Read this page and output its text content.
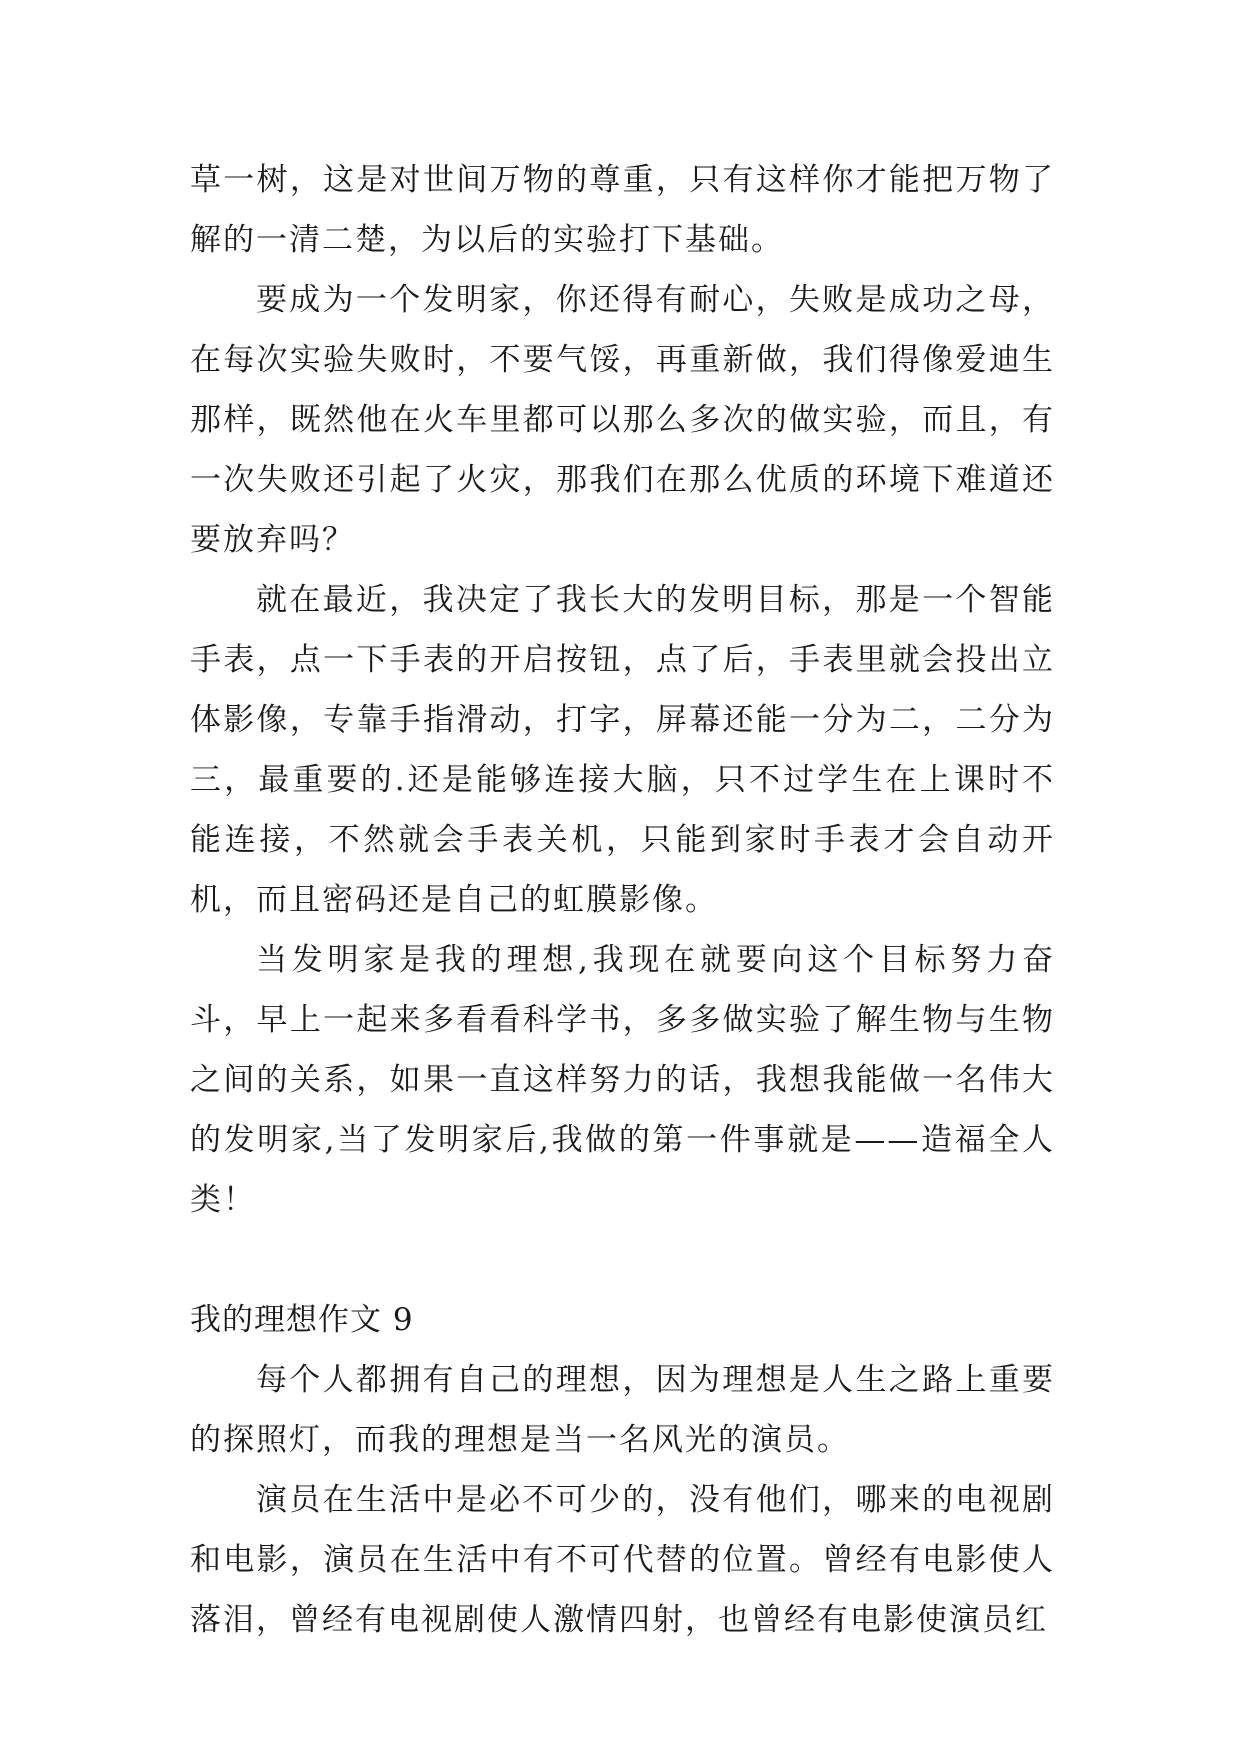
草一树，这是对世间万物的尊重，只有这样你才能把万物了解的一清二楚，为以后的实验打下基础。

要成为一个发明家，你还得有耐心，失败是成功之母，在每次实验失败时，不要气馁，再重新做，我们得像爱迪生那样，既然他在火车里都可以那么多次的做实验，而且，有一次失败还引起了火灾，那我们在那么优质的环境下难道还要放弃吗？

就在最近，我决定了我长大的发明目标，那是一个智能手表，点一下手表的开启按钮，点了后，手表里就会投出立体影像，专靠手指滑动，打字，屏幕还能一分为二，二分为三，最重要的.还是能够连接大脑，只不过学生在上课时不能连接，不然就会手表关机，只能到家时手表才会自动开机，而且密码还是自己的虹膜影像。

当发明家是我的理想,我现在就要向这个目标努力奋斗，早上一起来多看看科学书，多多做实验了解生物与生物之间的关系，如果一直这样努力的话，我想我能做一名伟大的发明家,当了发明家后,我做的第一件事就是——造福全人类！

我的理想作文 9

每个人都拥有自己的理想，因为理想是人生之路上重要的探照灯，而我的理想是当一名风光的演员。

演员在生活中是必不可少的，没有他们，哪来的电视剧和电影，演员在生活中有不可代替的位置。曾经有电影使人落泪，曾经有电视剧使人激情四射，也曾经有电影使演员红
